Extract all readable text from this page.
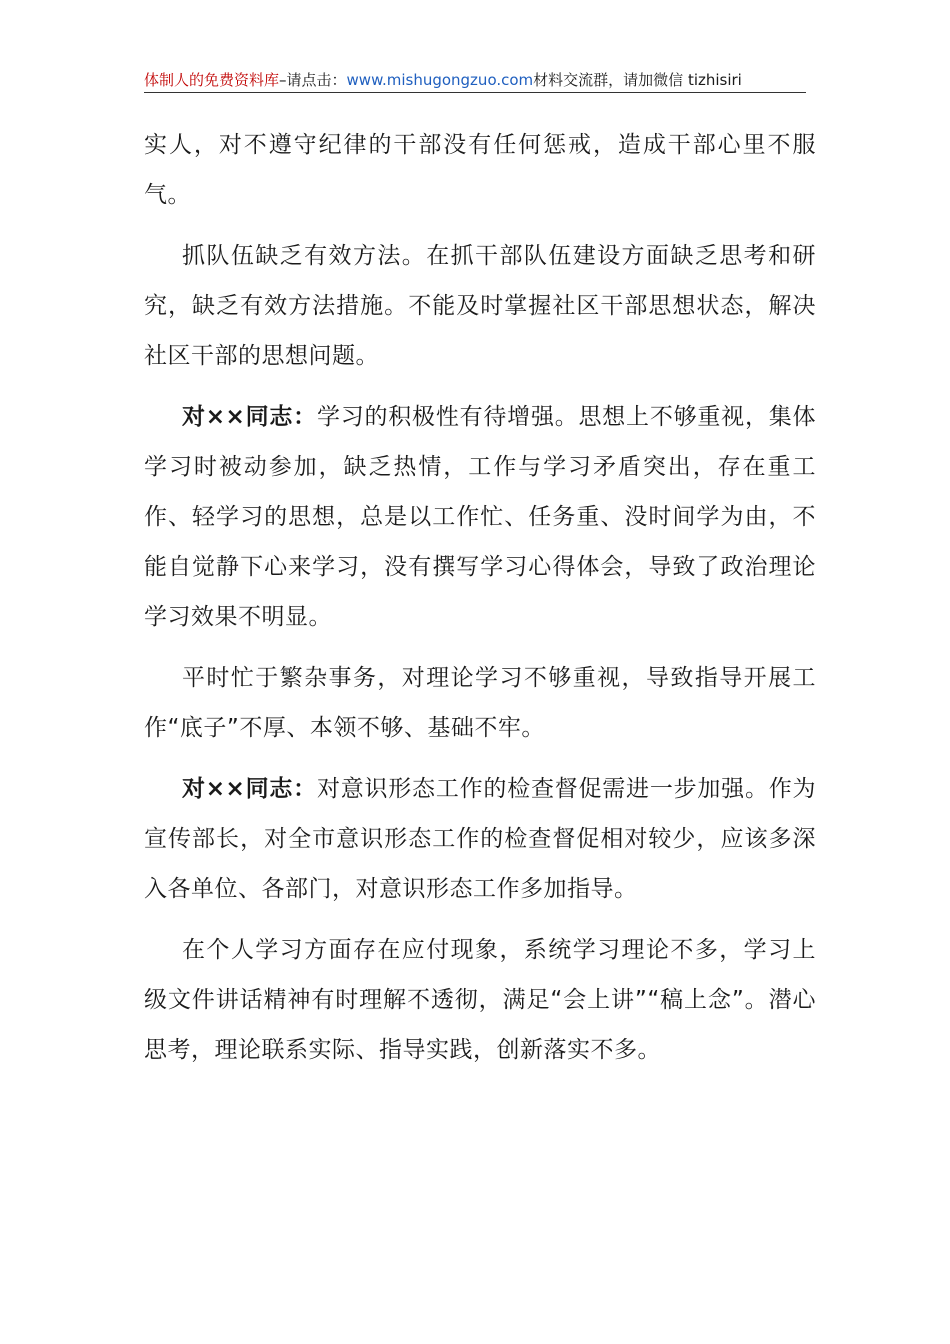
体制人的免费资料库–请点击：www.mishugongzuo.com材料交流群，请加微信 tizhisiri

实人，对不遵守纪律的干部没有任何惩戒，造成干部心里不服气。

抓队伍缺乏有效方法。在抓干部队伍建设方面缺乏思考和研究，缺乏有效方法措施。不能及时掌握社区干部思想状态，解决社区干部的思想问题。

对××同志：学习的积极性有待增强。思想上不够重视，集体学习时被动参加，缺乏热情，工作与学习矛盾突出，存在重工作、轻学习的思想，总是以工作忙、任务重、没时间学为由，不能自觉静下心来学习，没有撰写学习心得体会，导致了政治理论学习效果不明显。

平时忙于繁杂事务，对理论学习不够重视，导致指导开展工作“底子”不厚、本领不够、基础不牢。

对××同志：对意识形态工作的检查督促需进一步加强。作为宣传部长，对全市意识形态工作的检查督促相对较少，应该多深入各单位、各部门，对意识形态工作多加指导。

在个人学习方面存在应付现象，系统学习理论不多，学习上级文件讲话精神有时理解不透彻，满足“会上讲”“稿上念”。潜心思考，理论联系实际、指导实践，创新落实不多。
